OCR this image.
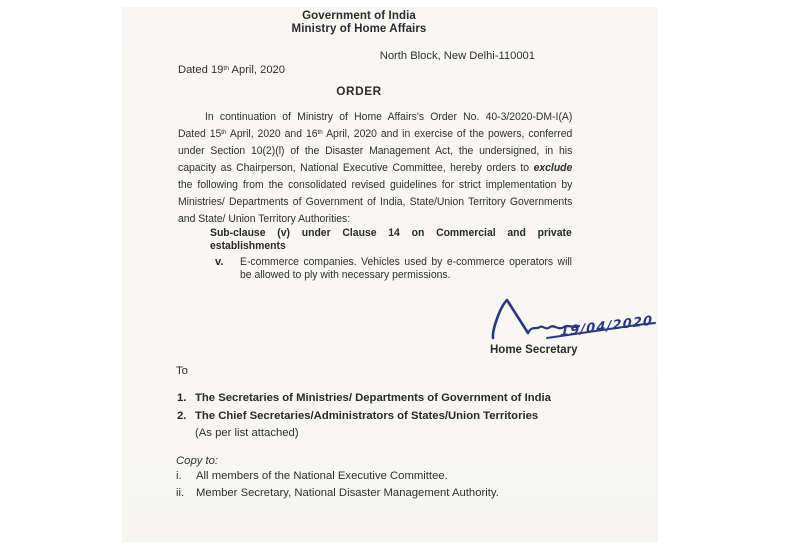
Government of India
Ministry of Home Affairs
North Block, New Delhi-110001
Dated 19th April, 2020
ORDER
In continuation of Ministry of Home Affairs's Order No. 40-3/2020-DM-I(A)
Dated 15th April, 2020 and 16th April, 2020 and in exercise of the powers, conferred
under Section 10(2)(l) of the Disaster Management Act, the undersigned, in his
capacity as Chairperson, National Executive Committee, hereby orders to exclude
the following from the consolidated revised guidelines for strict implementation by
Ministries/ Departments of Government of India, State/Union Territory Governments
and State/ Union Territory Authorities:
Sub-clause (v) under Clause 14 on Commercial and private
establishments
v. E-commerce companies. Vehicles used by e-commerce operators will
be allowed to ply with necessary permissions.
19/04/2020
Home Secretary
To
1. The Secretaries of Ministries/ Departments of Government of India
2. The Chief Secretaries/Administrators of States/Union Territories
(As per list attached)
Copy to:
i.	All members of the National Executive Committee.
ii.	Member Secretary, National Disaster Management Authority.
